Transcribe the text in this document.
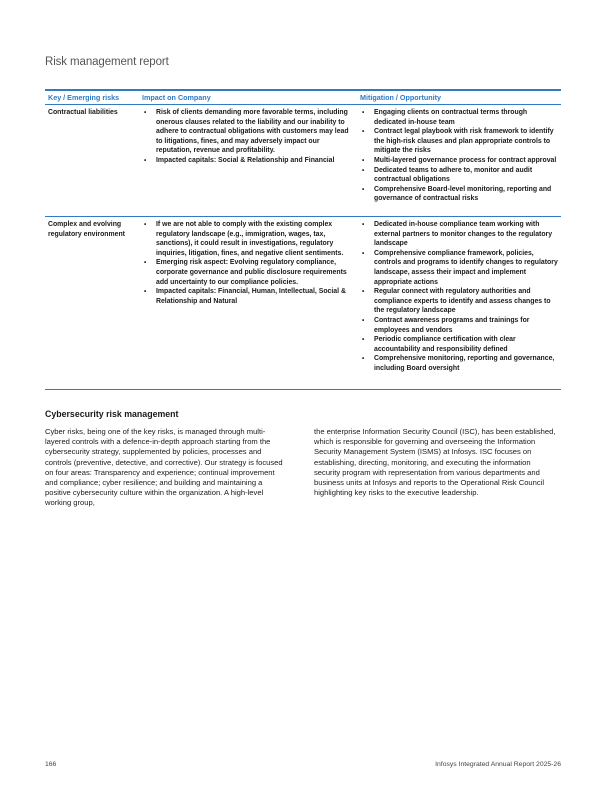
Risk management report
Key / Emerging risks	Impact on Company	Mitigation / Opportunity
Contractual liabilities
•	Risk of clients demanding more favorable terms, including onerous clauses related to the liability and our inability to adhere to contractual obligations with customers may lead to litigations, fines, and may adversely impact our reputation, revenue and profitability.
• Impacted capitals: Social & Relationship and Financial
• Engaging clients on contractual terms through dedicated in-house team
• Contract legal playbook with risk framework to identify the high-risk clauses and plan appropriate controls to mitigate the risks
• Multi-layered governance process for contract approval
• Dedicated teams to adhere to, monitor and audit contractual obligations
• Comprehensive Board-level monitoring, reporting and governance of contractual risks
Complex and evolving regulatory environment
• If we are not able to comply with the existing complex regulatory landscape (e.g., immigration, wages, tax, sanctions), it could result in investigations, regulatory inquiries, litigation, fines, and negative client sentiments.
• Emerging risk aspect: Evolving regulatory compliance, corporate governance and public disclosure requirements add uncertainty to our compliance policies.
• Impacted capitals: Financial, Human, Intellectual, Social & Relationship and Natural
• Dedicated in-house compliance team working with external partners to monitor changes to the regulatory landscape
• Comprehensive compliance framework, policies, controls and programs to identify changes to regulatory landscape, assess their impact and implement appropriate actions
• Regular connect with regulatory authorities and compliance experts to identify and assess changes to the regulatory landscape
• Contract awareness programs and trainings for employees and vendors
• Periodic compliance certification with clear accountability and responsibility defined
• Comprehensive monitoring, reporting and governance, including Board oversight
Cybersecurity risk management

Cyber risks, being one of the key risks, is managed through multi-layered controls with a defence-in-depth approach starting from the cybersecurity strategy, supplemented by policies, processes and controls (preventive, detective, and corrective). Our strategy is focused on four areas: Transparency and experience; continual improvement and compliance; cyber resilience; and building and maintaining a positive cybersecurity culture within the organization. A high-level working group,

the enterprise Information Security Council (ISC), has been established, which is responsible for governing and overseeing the Information Security Management System (ISMS) at Infosys. ISC focuses on establishing, directing, monitoring, and executing the information security program with representation from various departments and business units at Infosys and reports to the Operational Risk Council highlighting key risks to the executive leadership.

166	Infosys Integrated Annual Report 2025-26
